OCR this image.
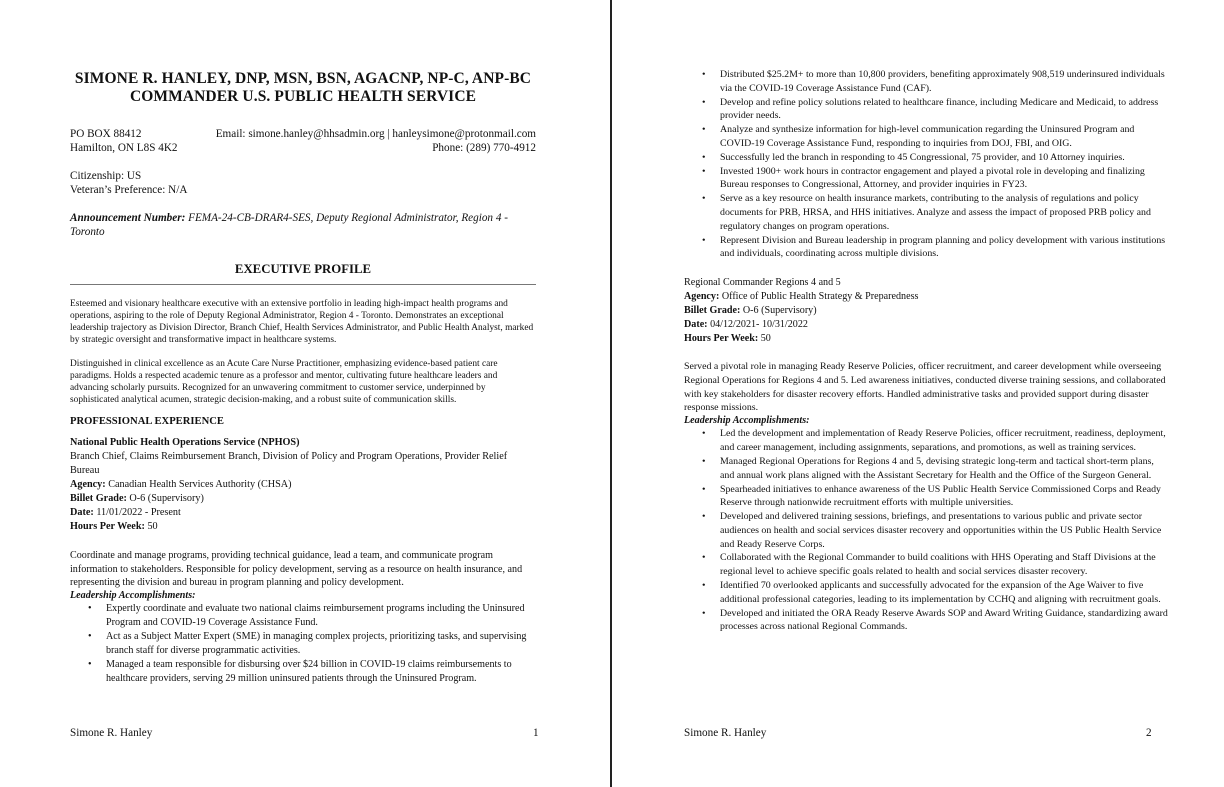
SIMONE R. HANLEY, DNP, MSN, BSN, AGACNP, NP-C, ANP-BC
COMMANDER U.S. PUBLIC HEALTH SERVICE
PO BOX 88412	Email: simone.hanley@hhsadmin.org | hanleysimone@protonmail.com
Hamilton, ON L8S 4K2	Phone: (289) 770-4912
Citizenship: US
Veteran’s Preference: N/A
Announcement Number: FEMA-24-CB-DRAR4-SES, Deputy Regional Administrator, Region 4 - Toronto
EXECUTIVE PROFILE
Esteemed and visionary healthcare executive with an extensive portfolio in leading high-impact health programs and operations, aspiring to the role of Deputy Regional Administrator, Region 4 - Toronto. Demonstrates an exceptional leadership trajectory as Division Director, Branch Chief, Health Services Administrator, and Public Health Analyst, marked by strategic oversight and transformative impact in healthcare systems.
Distinguished in clinical excellence as an Acute Care Nurse Practitioner, emphasizing evidence-based patient care paradigms. Holds a respected academic tenure as a professor and mentor, cultivating future healthcare leaders and advancing scholarly pursuits. Recognized for an unwavering commitment to customer service, underpinned by sophisticated analytical acumen, strategic decision-making, and a robust suite of communication skills.
PROFESSIONAL EXPERIENCE
National Public Health Operations Service (NPHOS)
Branch Chief, Claims Reimbursement Branch, Division of Policy and Program Operations, Provider Relief Bureau
Agency: Canadian Health Services Authority (CHSA)
Billet Grade: O-6 (Supervisory)
Date: 11/01/2022 - Present
Hours Per Week: 50
Coordinate and manage programs, providing technical guidance, lead a team, and communicate program information to stakeholders. Responsible for policy development, serving as a resource on health insurance, and representing the division and bureau in program planning and policy development.
Leadership Accomplishments:
• Expertly coordinate and evaluate two national claims reimbursement programs including the Uninsured Program and COVID-19 Coverage Assistance Fund.
• Act as a Subject Matter Expert (SME) in managing complex projects, prioritizing tasks, and supervising branch staff for diverse programmatic activities.
• Managed a team responsible for disbursing over $24 billion in COVID-19 claims reimbursements to healthcare providers, serving 29 million uninsured patients through the Uninsured Program.
Simone R. Hanley	1
• Distributed $25.2M+ to more than 10,800 providers, benefiting approximately 908,519 underinsured individuals via the COVID-19 Coverage Assistance Fund (CAF).
• Develop and refine policy solutions related to healthcare finance, including Medicare and Medicaid, to address provider needs.
• Analyze and synthesize information for high-level communication regarding the Uninsured Program and COVID-19 Coverage Assistance Fund, responding to inquiries from DOJ, FBI, and OIG.
• Successfully led the branch in responding to 45 Congressional, 75 provider, and 10 Attorney inquiries.
• Invested 1900+ work hours in contractor engagement and played a pivotal role in developing and finalizing Bureau responses to Congressional, Attorney, and provider inquiries in FY23.
• Serve as a key resource on health insurance markets, contributing to the analysis of regulations and policy documents for PRB, HRSA, and HHS initiatives. Analyze and assess the impact of proposed PRB policy and regulatory changes on program operations.
• Represent Division and Bureau leadership in program planning and policy development with various institutions and individuals, coordinating across multiple divisions.
Regional Commander Regions 4 and 5
Agency: Office of Public Health Strategy & Preparedness
Billet Grade: O-6 (Supervisory)
Date: 04/12/2021- 10/31/2022
Hours Per Week: 50
Served a pivotal role in managing Ready Reserve Policies, officer recruitment, and career development while overseeing Regional Operations for Regions 4 and 5. Led awareness initiatives, conducted diverse training sessions, and collaborated with key stakeholders for disaster recovery efforts. Handled administrative tasks and provided support during disaster response missions.
Leadership Accomplishments:
• Led the development and implementation of Ready Reserve Policies, officer recruitment, readiness, deployment, and career management, including assignments, separations, and promotions, as well as training services.
• Managed Regional Operations for Regions 4 and 5, devising strategic long-term and tactical short-term plans, and annual work plans aligned with the Assistant Secretary for Health and the Office of the Surgeon General.
• Spearheaded initiatives to enhance awareness of the US Public Health Service Commissioned Corps and Ready Reserve through nationwide recruitment efforts with multiple universities.
• Developed and delivered training sessions, briefings, and presentations to various public and private sector audiences on health and social services disaster recovery and opportunities within the US Public Health Service and Ready Reserve Corps.
• Collaborated with the Regional Commander to build coalitions with HHS Operating and Staff Divisions at the regional level to achieve specific goals related to health and social services disaster recovery.
• Identified 70 overlooked applicants and successfully advocated for the expansion of the Age Waiver to five additional professional categories, leading to its implementation by CCHQ and aligning with recruitment goals.
• Developed and initiated the ORA Ready Reserve Awards SOP and Award Writing Guidance, standardizing award processes across national Regional Commands.
Simone R. Hanley	2
